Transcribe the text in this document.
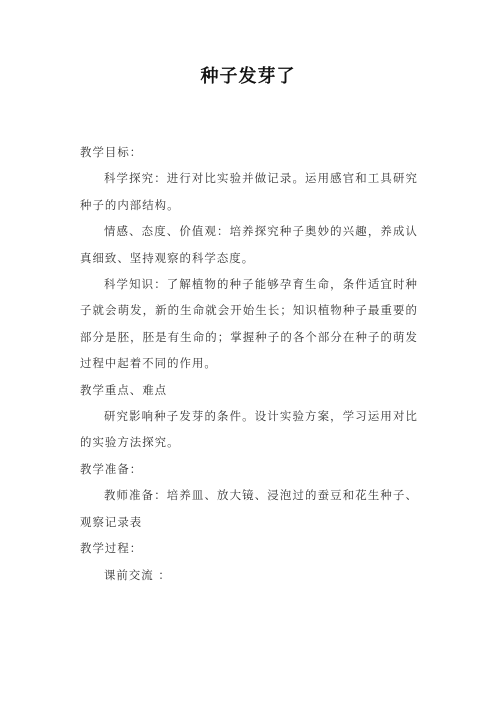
种子发芽了

教学目标：

科学探究：进行对比实验并做记录。运用感官和工具研究种子的内部结构。

情感、态度、价值观：培养探究种子奥妙的兴趣，养成认真细致、坚持观察的科学态度。

科学知识：了解植物的种子能够孕育生命，条件适宜时种子就会萌发，新的生命就会开始生长；知识植物种子最重要的部分是胚，胚是有生命的；掌握种子的各个部分在种子的萌发过程中起着不同的作用。

教学重点、难点

研究影响种子发芽的条件。设计实验方案，学习运用对比的实验方法探究。

教学准备：

教师准备：培养皿、放大镜、浸泡过的蚕豆和花生种子、观察记录表

教学过程：

课前交流 ：
